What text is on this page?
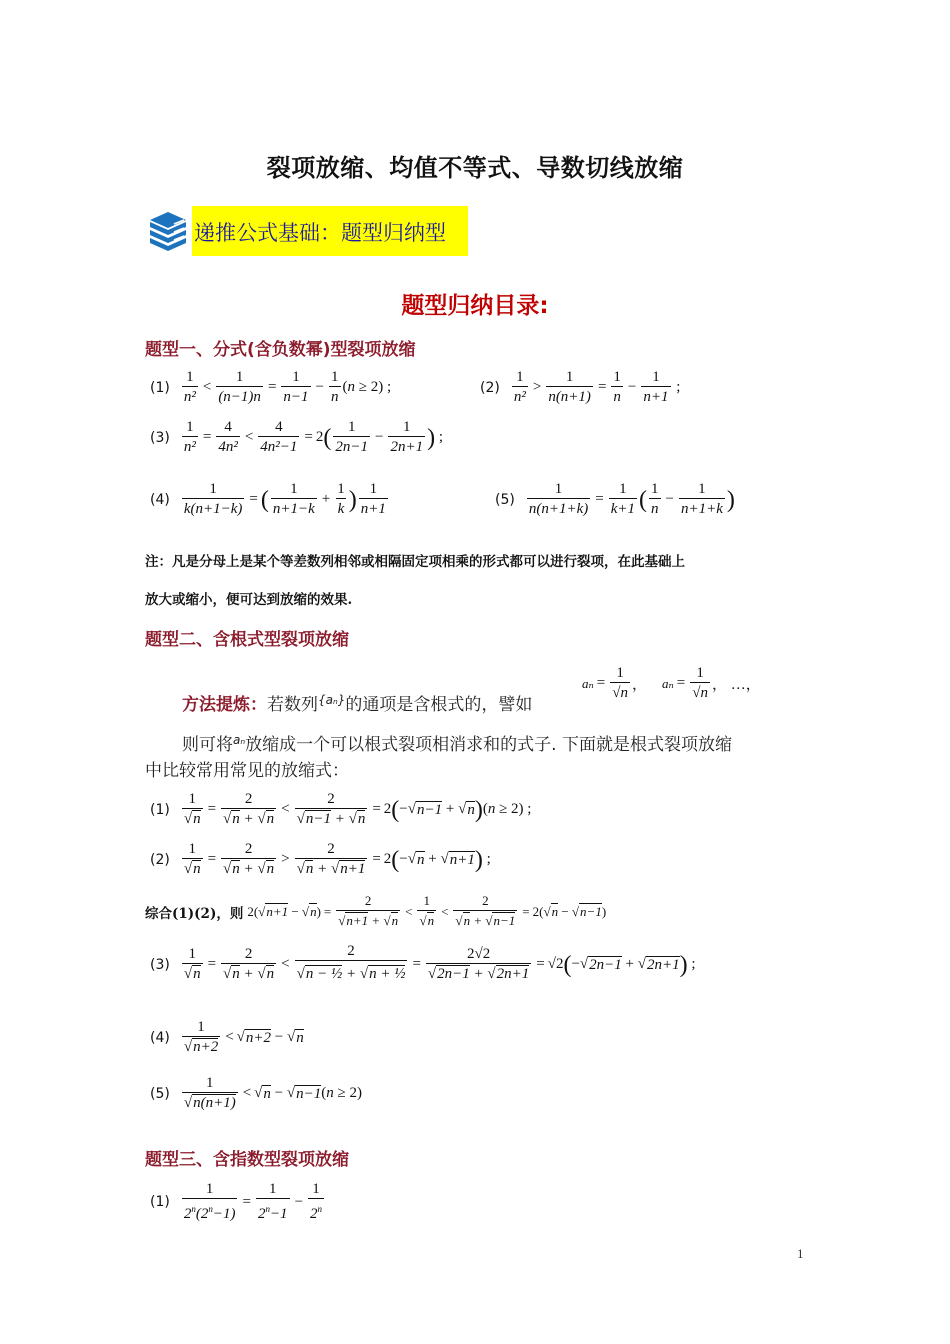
裂项放缩、均值不等式、导数切线放缩
递推公式基础：题型归纳型
题型归纳目录:
题型一、分式(含负数幂)型裂项放缩
$(1) \frac{1}{\text{n²}} < \frac{1}{(n-1)n} = \frac{1}{n-1} - \frac{1}{n}$ ( n ≥ 2) ;	$(2) \frac{1}{\text{n²}} > \frac{1}{n(n+1)} = \frac{1}{n} - \frac{1}{n+1}$ ;
$(3) \frac{1}{\text{n²}} = \frac{4}{\text{4n²}} < \frac{4}{\text{4n²−1}} = 2$ ( $\frac{1}{2n-1} - \frac{1}{2n+1}$ ) ;
$(4) \frac{1}{k(n+1-k)}$ = ( $\frac{1}{n+1-k} + \frac{1}{k}$ ) $\frac{1}{n+1}$	$(5) \frac{1}{n(n+1+k)} = \frac{1}{k+1}$ ( $\frac{1}{n} - \frac{1}{n+1+k}$ )
注：凡是分母上是某个等差数列相邻或相隔固定项相乘的形式都可以进行裂项，在此基础上
放大或缩小，便可达到放缩的效果.
题型二、含根式型裂项放缩
方法提炼：若数列$^{\{a_n\}}$的通项是含根式的，譬如
$a_n = \frac{1}{√n}$ ， $a_n = \frac{1}{√n}$ ， …，
则可将$^{a_n}$放缩成一个可以根式裂项相消求和的式子. 下面就是根式裂项放缩
中比较常用常见的放缩式：
$(1) \frac{1}{√n} = \frac{2}{√n + √n} < \frac{2}{√n-1 + √n} = 2$ ( −√ n−1 + √ n ) ( n ≥ 2) ;
$(2) \frac{1}{√n} = \frac{2}{√n + √n} > \frac{2}{√n + √n+1} = 2$ ( −√ n + √ n+1 ) ;
综合(1)(2)，则 2(√ n+1 − √ n ) = $\frac{2}{√n+1 + √n} < \frac{1}{√n} < \frac{2}{√n + √n-1} = 2(√$ n − √ n−1 )
$(3) \frac{1}{√n} = \frac{2}{√n + √n} < \frac{2}{\text{√n − ½ + √n + ½}} = \frac{2√2}{√2n-1 + √2n+1} = √2$ ( −√ 2n−1 + √ 2n+1 ) ;
$(4) \frac{1}{√n+2}$ < √ n+2 − √ n
$(5) \frac{1}{√n(n+1)}$ < √ n − √ n−1 ( n ≥ 2)
题型三、含指数型裂项放缩
$(1) \frac{1}{2^n(2^n-1)} = \frac{1}{2^n-1} - \frac{1}{2^n}$
1
